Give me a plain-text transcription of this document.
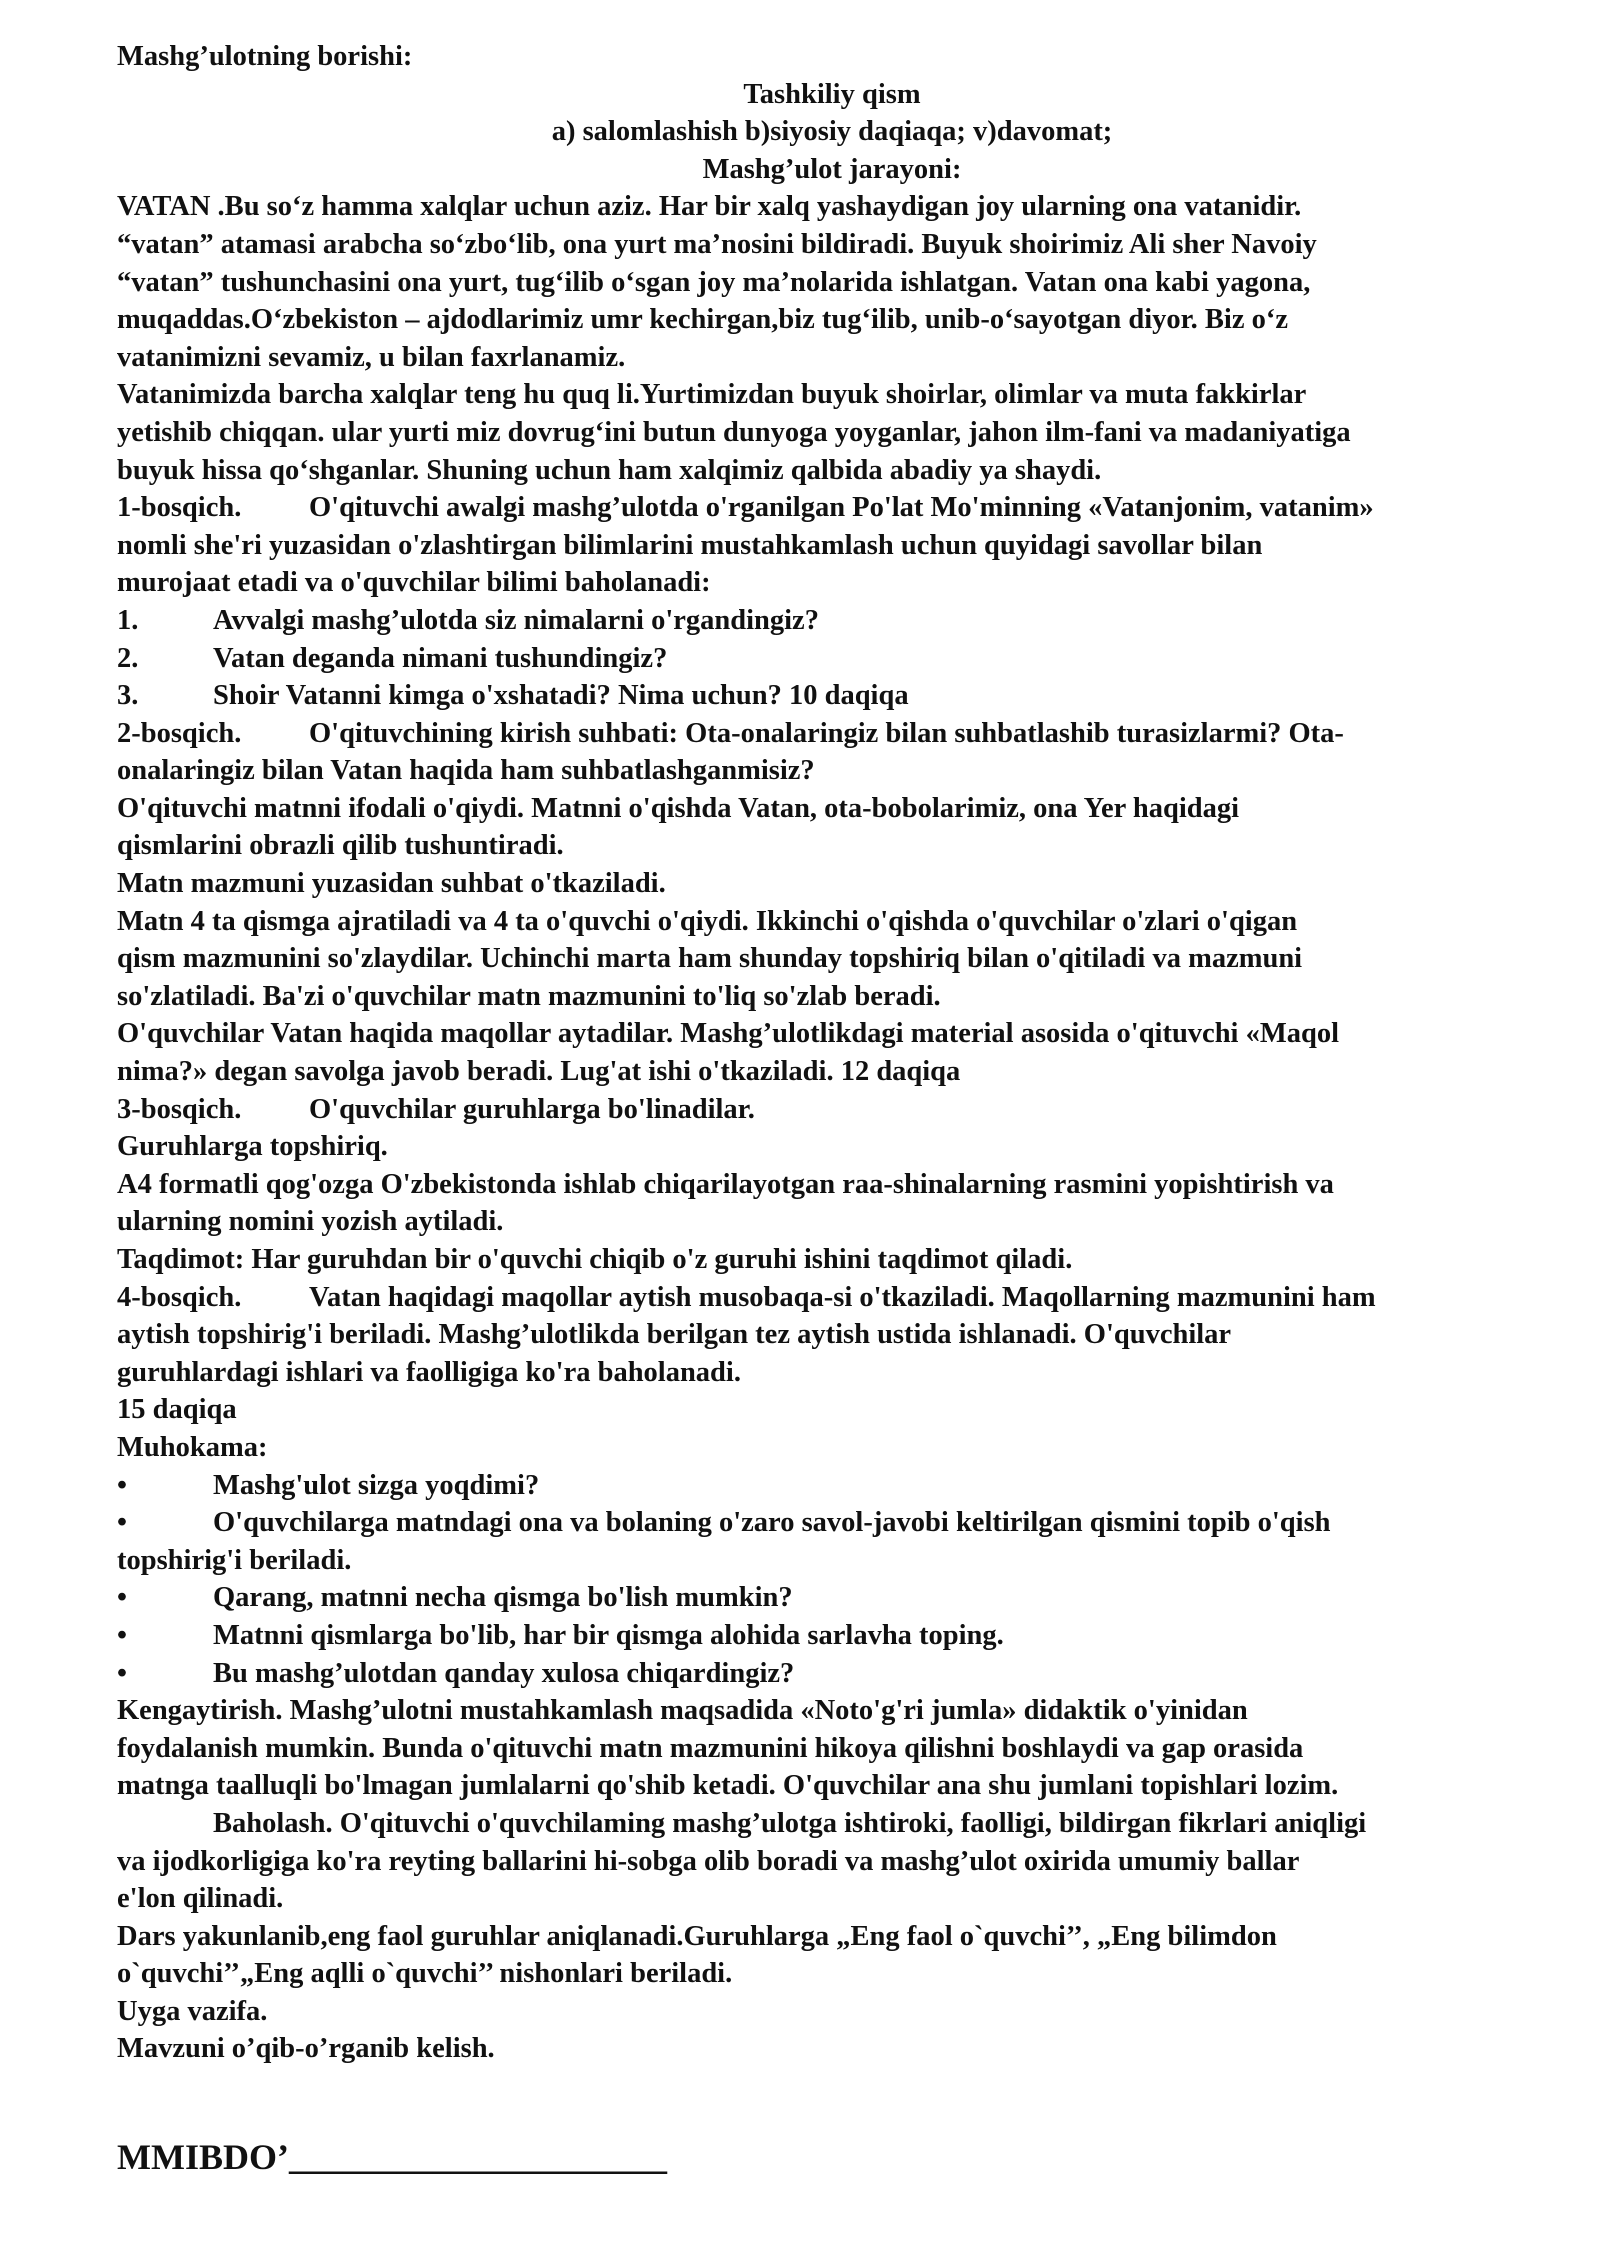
Mashg’ulotning borishi:
Tashkiliy qism
a) salomlashish b)siyosiy daqiaqa; v)davomat;
Mashg’ulot jarayoni:
VATAN .Bu so‘z hamma xalqlar uchun aziz. Har bir xalq yashaydigan joy ularning ona vatanidir.
“vatan” atamasi arabcha so‘zbo‘lib, ona yurt ma’nosini bildiradi. Buyuk shoirimiz Ali sher Navoiy
“vatan” tushunchasini ona yurt, tug‘ilib o‘sgan joy ma’nolarida ishlatgan. Vatan ona kabi yagona,
muqaddas.O‘zbekiston – ajdodlarimiz umr kechirgan,biz tug‘ilib, unib-o‘sayotgan diyor. Biz o‘z
vatanimizni sevamiz, u bilan faxrlanamiz.
Vatanimizda barcha xalqlar teng hu quq li.Yurtimizdan buyuk shoirlar, olimlar va muta fakkirlar
yetishib chiqqan. ular yurti miz dovrug‘ini butun dunyoga yoyganlar, jahon ilm-fani va madaniyatiga
buyuk hissa qo‘shganlar. Shuning uchun ham xalqimiz qalbida abadiy ya shaydi.
1-bosqich. O'qituvchi awalgi mashg’ulotda o'rganilgan Po'lat Mo'minning «Vatanjonim, vatanim»
nomli she'ri yuzasidan o'zlashtirgan bilimlarini mustahkamlash uchun quyidagi savollar bilan
murojaat etadi va o'quvchilar bilimi baholanadi:
1.	Avvalgi mashg’ulotda siz nimalarni o'rgandingiz?
2.	Vatan deganda nimani tushundingiz?
3.	Shoir Vatanni kimga o'xshatadi? Nima uchun? 10 daqiqa
2-bosqich. O'qituvchining kirish suhbati: Ota-onalaringiz bilan suhbatlashib turasizlarmi? Ota-
onalaringiz bilan Vatan haqida ham suhbatlashganmisiz?
O'qituvchi matnni ifodali o'qiydi. Matnni o'qishda Vatan, ota-bobolarimiz, ona Yer haqidagi
qismlarini obrazli qilib tushuntiradi.
Matn mazmuni yuzasidan suhbat o'tkaziladi.
Matn 4 ta qismga ajratiladi va 4 ta o'quvchi o'qiydi. Ikkinchi o'qishda o'quvchilar o'zlari o'qigan
qism mazmunini so'zlaydilar. Uchinchi marta ham shunday topshiriq bilan o'qitiladi va mazmuni
so'zlatiladi. Ba'zi o'quvchilar matn mazmunini to'liq so'zlab beradi.
O'quvchilar Vatan haqida maqollar aytadilar. Mashg’ulotlikdagi material asosida o'qituvchi «Maqol
nima?» degan savolga javob beradi. Lug'at ishi o'tkaziladi. 12 daqiqa
3-bosqich. O'quvchilar guruhlarga bo'linadilar.
Guruhlarga topshiriq.
A4 formatli qog'ozga O'zbekistonda ishlab chiqarilayotgan raa-shinalarning rasmini yopishtirish va
ularning nomini yozish aytiladi.
Taqdimot: Har guruhdan bir o'quvchi chiqib o'z guruhi ishini taqdimot qiladi.
4-bosqich. Vatan haqidagi maqollar aytish musobaqa-si o'tkaziladi. Maqollarning mazmunini ham
aytish topshirig'i beriladi. Mashg’ulotlikda berilgan tez aytish ustida ishlanadi. O'quvchilar
guruhlardagi ishlari va faolligiga ko'ra baholanadi.
15 daqiqa
Muhokama:
•	Mashg'ulot sizga yoqdimi?
•	O'quvchilarga matndagi ona va bolaning o'zaro savol-javobi keltirilgan qismini topib o'qish
topshirig'i beriladi.
•	Qarang, matnni necha qismga bo'lish mumkin?
•	Matnni qismlarga bo'lib, har bir qismga alohida sarlavha toping.
•	Bu mashg’ulotdan qanday xulosa chiqardingiz?
Kengaytirish. Mashg’ulotni mustahkamlash maqsadida «Noto'g'ri jumla» didaktik o'yinidan
foydalanish mumkin. Bunda o'qituvchi matn mazmunini hikoya qilishni boshlaydi va gap orasida
matnga taalluqli bo'lmagan jumlalarni qo'shib ketadi. O'quvchilar ana shu jumlani topishlari lozim.
Baholash. O'qituvchi o'quvchilaming mashg’ulotga ishtiroki, faolligi, bildirgan fikrlari aniqligi
va ijodkorligiga ko'ra reyting ballarini hi-sobga olib boradi va mashg’ulot oxirida umumiy ballar
e'lon qilinadi.
Dars yakunlanib,eng faol guruhlar aniqlanadi.Guruhlarga „Eng faol o`quvchi’’, „Eng bilimdon
o`quvchi’’„Eng aqlli o`quvchi’’ nishonlari beriladi.
Uyga vazifa.
Mavzuni o’qib-o’rganib kelish.
MMIBDO’_____________________
